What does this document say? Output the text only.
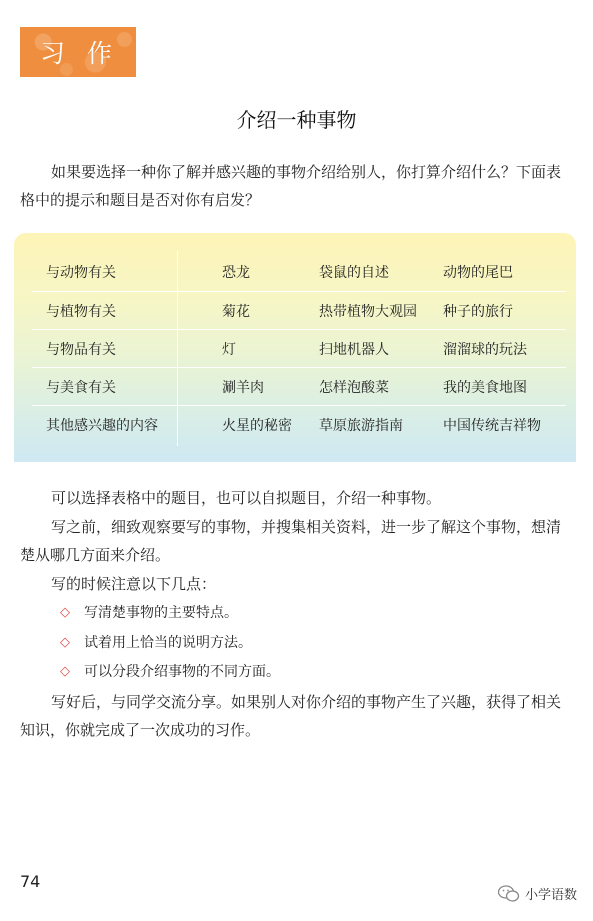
习作
介绍一种事物
如果要选择一种你了解并感兴趣的事物介绍给别人，你打算介绍什么？下面表格中的提示和题目是否对你有启发？
与动物有关	恐龙	袋鼠的自述	动物的尾巴
与植物有关	菊花	热带植物大观园	种子的旅行
与物品有关	灯	扫地机器人	溜溜球的玩法
与美食有关	涮羊肉	怎样泡酸菜	我的美食地图
其他感兴趣的内容	火星的秘密	草原旅游指南	中国传统吉祥物
可以选择表格中的题目，也可以自拟题目，介绍一种事物。
写之前，细致观察要写的事物，并搜集相关资料，进一步了解这个事物，想清楚从哪几方面来介绍。
写的时候注意以下几点：
◇ 写清楚事物的主要特点。
◇ 试着用上恰当的说明方法。
◇ 可以分段介绍事物的不同方面。
写好后，与同学交流分享。如果别人对你介绍的事物产生了兴趣，获得了相关知识，你就完成了一次成功的习作。
74
小学语数
